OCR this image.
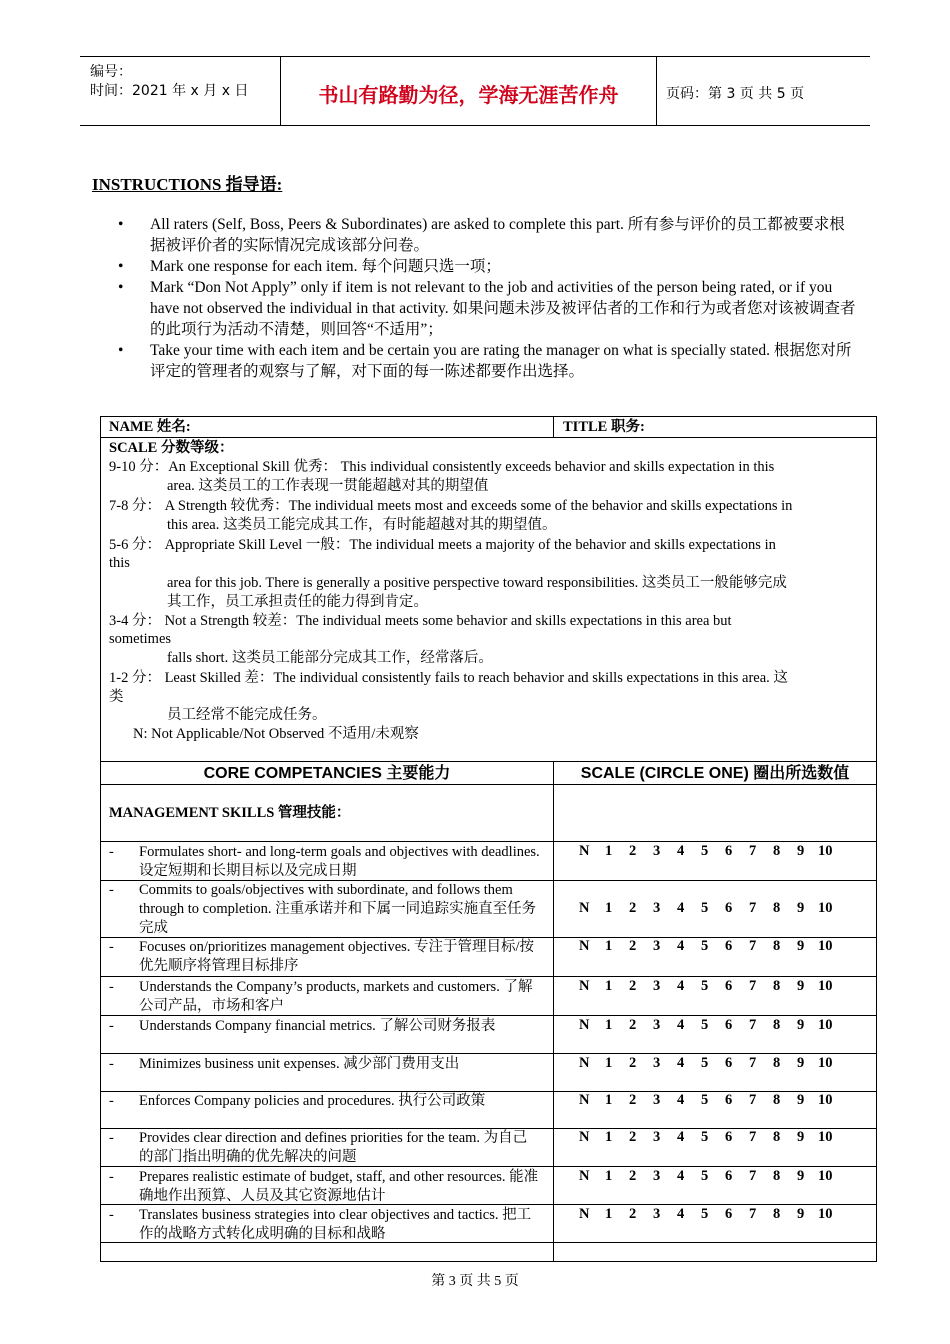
编号：
时间：2021 年 x 月 x 日	书山有路勤为径，学海无涯苦作舟	页码：第 3 页 共 5 页
INSTRUCTIONS 指导语:
• All raters (Self, Boss, Peers & Subordinates) are asked to complete this part. 所有参与评价的员工都被要求根据被评价者的实际情况完成该部分问卷。
• Mark one response for each item. 每个问题只选一项；
• Mark “Don Not Apply” only if item is not relevant to the job and activities of the person being rated, or if you have not observed the individual in that activity. 如果问题未涉及被评估者的工作和行为或者您对该被调查者的此项行为活动不清楚，则回答“不适用”；
• Take your time with each item and be certain you are rating the manager on what is specially stated. 根据您对所评定的管理者的观察与了解，对下面的每一陈述都要作出选择。
NAME 姓名:	TITLE 职务:
SCALE 分数等级：
9-10 分：An Exceptional Skill 优秀： This individual consistently exceeds behavior and skills expectation in this
area. 这类员工的工作表现一贯能超越对其的期望值
7-8 分： A Strength 较优秀：The individual meets most and exceeds some of the behavior and skills expectations in
this area. 这类员工能完成其工作，有时能超越对其的期望值。
5-6 分： Appropriate Skill Level 一般：The individual meets a majority of the behavior and skills expectations in
this
area for this job. There is generally a positive perspective toward responsibilities. 这类员工一般能够完成
其工作，员工承担责任的能力得到肯定。
3-4 分： Not a Strength 较差：The individual meets some behavior and skills expectations in this area but
sometimes
falls short. 这类员工能部分完成其工作，经常落后。
1-2 分： Least Skilled 差：The individual consistently fails to reach behavior and skills expectations in this area. 这
类
员工经常不能完成任务。
N: Not Applicable/Not Observed 不适用/未观察
CORE COMPETANCIES 主要能力	SCALE (CIRCLE ONE) 圈出所选数值
MANAGEMENT SKILLS 管理技能：
- Formulates short- and long-term goals and objectives with deadlines. 设定短期和长期目标以及完成日期
N 1 2 3 4 5 6 7 8 9 10
- Commits to goals/objectives with subordinate, and follows them through to completion. 注重承诺并和下属一同追踪实施直至任务完成
N 1 2 3 4 5 6 7 8 9 10
- Focuses on/prioritizes management objectives. 专注于管理目标/按优先顺序将管理目标排序
N 1 2 3 4 5 6 7 8 9 10
- Understands the Company’s products, markets and customers. 了解公司产品，市场和客户
N 1 2 3 4 5 6 7 8 9 10
- Understands Company financial metrics. 了解公司财务报表	N 1 2 3 4 5 6 7 8 9 10
- Minimizes business unit expenses. 减少部门费用支出	N 1 2 3 4 5 6 7 8 9 10
- Enforces Company policies and procedures. 执行公司政策	N 1 2 3 4 5 6 7 8 9 10
- Provides clear direction and defines priorities for the team. 为自己的部门指出明确的优先解决的问题
N 1 2 3 4 5 6 7 8 9 10
- Prepares realistic estimate of budget, staff, and other resources. 能准确地作出预算、人员及其它资源地估计
N 1 2 3 4 5 6 7 8 9 10
- Translates business strategies into clear objectives and tactics. 把工作的战略方式转化成明确的目标和战略
N 1 2 3 4 5 6 7 8 9 10
第 3 页 共 5 页
